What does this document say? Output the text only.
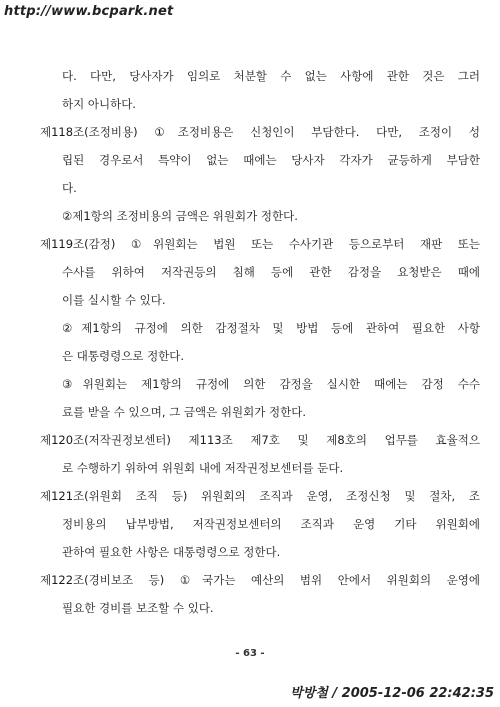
http://www.bcpark.net
다. 다만, 당사자가 임의로 처분할 수 없는 사항에 관한 것은 그러
하지 아니하다.
제118조(조정비용) ①조정비용은 신청인이 부담한다. 다만, 조정이 성
립된 경우로서 특약이 없는 때에는 당사자 각자가 균등하게 부담한
다.
②제1항의 조정비용의 금액은 위원회가 정한다.
제119조(감정) ①위원회는 법원 또는 수사기관 등으로부터 재판 또는
수사를 위하여 저작권등의 침해 등에 관한 감정을 요청받은 때에
이를 실시할 수 있다.
②제1항의 규정에 의한 감정절차 및 방법 등에 관하여 필요한 사항
은 대통령령으로 정한다.
③위원회는 제1항의 규정에 의한 감정을 실시한 때에는 감정 수수
료를 받을 수 있으며, 그 금액은 위원회가 정한다.
제120조(저작권정보센터) 제113조 제7호 및 제8호의 업무를 효율적으
로 수행하기 위하여 위원회 내에 저작권정보센터를 둔다.
제121조(위원회 조직 등) 위원회의 조직과 운영, 조정신청 및 절차, 조
정비용의 납부방법, 저작권정보센터의 조직과 운영 기타 위원회에
관하여 필요한 사항은 대통령령으로 정한다.
제122조(경비보조 등) ①국가는 예산의 범위 안에서 위원회의 운영에
필요한 경비를 보조할 수 있다.
- 63 -
박방철 / 2005-12-06 22:42:35
